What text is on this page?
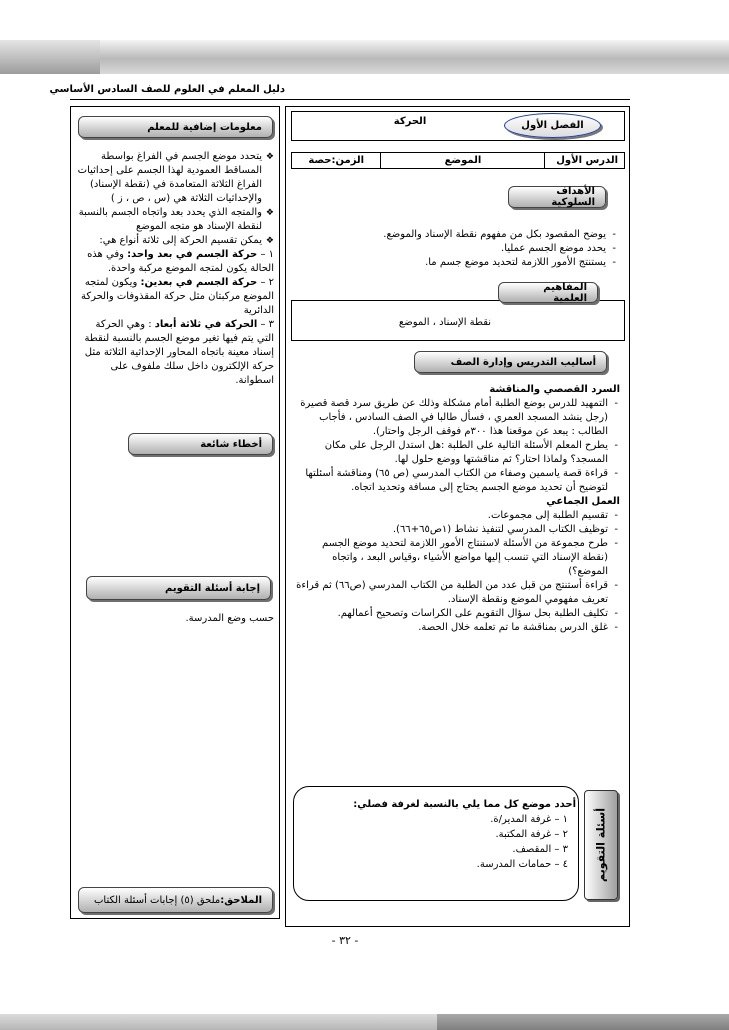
دليل المعلم في العلوم للصف السادس الأساسي
معلومات إضافية للمعلم
❖ يتحدد موضع الجسم في الفراغ بواسطة المساقط العمودية لهذا الجسم على إحداثيات الفراغ الثلاثة المتعامدة في (نقطة الإسناد) والإحداثيات الثلاثة هي (س ، ص ، ز )
❖ والمتجه الذي يحدد بعد واتجاه الجسم بالنسبة لنقطة الإسناد هو متجه الموضع
❖ يمكن تقسيم الحركة إلى ثلاثة أنواع هي:
١ – حركة الجسم في بعد واحد: وفي هذه الحالة يكون لمتجه الموضع مركبة واحدة.
٢ – حركة الجسم في بعدين: ويكون لمتجه الموضع مركبتان مثل حركة المقذوفات والحركة الدائرية
٣ – الحركة في ثلاثة أبعاد : وهي الحركة التي يتم فيها تغير موضع الجسم بالنسبة لنقطة إسناد معينة باتجاه المحاور الإحداثية الثلاثة مثل حركة الإلكترون داخل سلك ملفوف على اسطوانة.
أخطاء شائعة
إجابة أسئلة التقويم
حسب وضع المدرسة.
الملاحق:
ملحق (٥) إجابات أسئلة الكتاب
الفصل الأول
الحركة
الدرس الأول
الموضع
الزمن:حصة
الأهداف السلوكية
- يوضح المقصود بكل من مفهوم نقطة الإسناد والموضع.
- يحدد موضع الجسم عمليا.
- يستنتج الأمور اللازمة لتحديد موضع جسم ما.
المفاهيم العلمية
نقطة الإسناد ، الموضع
أساليب التدريس وإدارة الصف
السرد القصصي والمناقشة
- التمهيد للدرس بوضع الطلبة أمام مشكلة وذلك عن طريق سرد قصة قصيرة (رجل ينشد المسجد العمري ، فسأل طالبا في الصف السادس ، فأجاب الطالب : يبعد عن موقعنا هذا ٣٠٠م فوقف الرجل واحتار).
- يطرح المعلم الأسئلة التالية على الطلبة :هل استدل الرجل على مكان المسجد؟ ولماذا احتار؟ ثم مناقشتها ووضع حلول لها.
- قراءة قصة ياسمين وصفاء من الكتاب المدرسي (ص ٦٥) ومناقشة أسئلتها لتوضيح أن تحديد موضع الجسم يحتاج إلى مسافة وتحديد اتجاه.
العمل الجماعي
- تقسيم الطلبة إلى مجموعات.
- توظيف الكتاب المدرسي لتنفيذ نشاط (١ص٦٥+٦٦).
- طرح مجموعة من الأسئلة لاستنتاج الأمور اللازمة لتحديد موضع الجسم (نقطة الإسناد التي تنسب إليها مواضع الأشياء ،وقياس البعد ، واتجاه الموضع؟)
- قراءة أستنتج من قبل عدد من الطلبة من الكتاب المدرسي (ص٦٦) ثم قراءة تعريف مفهومي الموضع ونقطة الإسناد.
- تكليف الطلبة بحل سؤال التقويم على الكراسات وتصحيح أعمالهم.
- غلق الدرس بمناقشة ما تم تعلمه خلال الحصة.
أسئلة التقويم
أحدد موضع كل مما يلي بالنسبة لغرفة فصلي:
١ – غرفة المدير/ة.
٢ – غرفة المكتبة.
٣ – المقصف.
٤ – حمامات المدرسة.
- ٣٢ -
